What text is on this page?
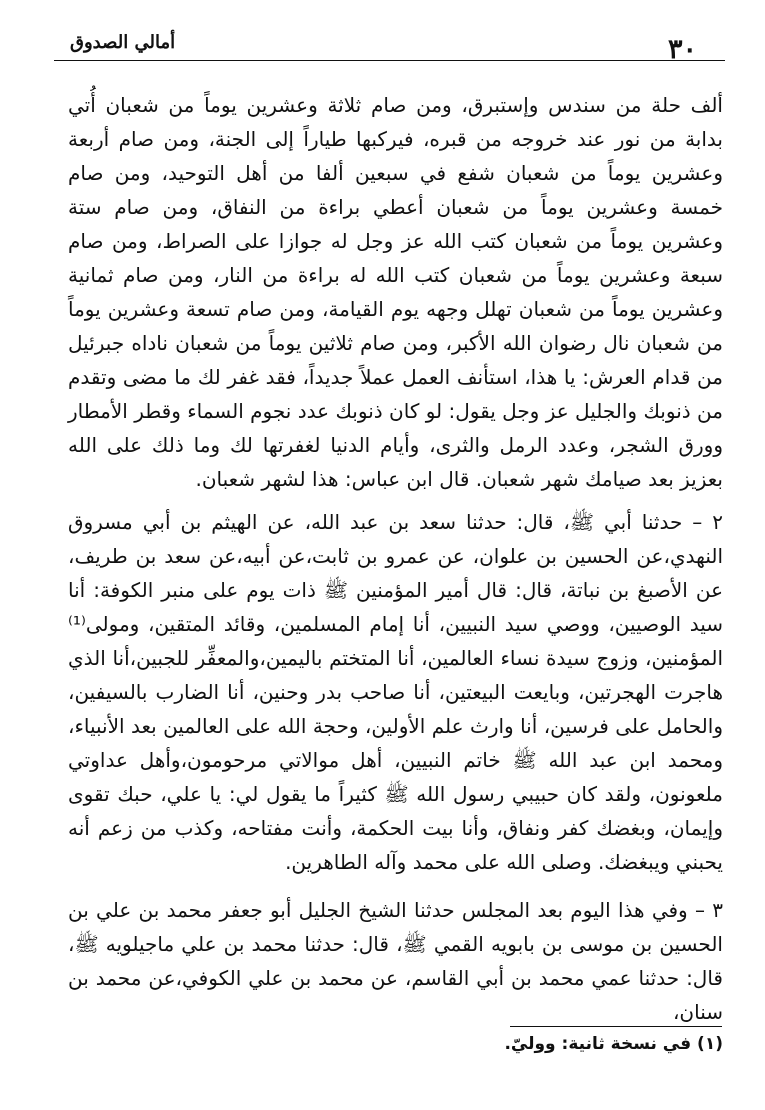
أمالي الصدوق	٣٠

ألف حلة من سندس وإستبرق، ومن صام ثلاثة وعشرين يوماً من شعبان أُتي بدابة من نور عند خروجه من قبره، فيركبها طياراً إلى الجنة، ومن صام أربعة وعشرين يوماً من شعبان شفع في سبعين ألفا من أهل التوحيد، ومن صام خمسة وعشرين يوماً من شعبان أعطي براءة من النفاق، ومن صام ستة وعشرين يوماً من شعبان كتب الله عز وجل له جوازا على الصراط، ومن صام سبعة وعشرين يوماً من شعبان كتب الله له براءة من النار، ومن صام ثمانية وعشرين يوماً من شعبان تهلل وجهه يوم القيامة، ومن صام تسعة وعشرين يوماً من شعبان نال رضوان الله الأكبر، ومن صام ثلاثين يوماً من شعبان ناداه جبرئيل من قدام العرش: يا هذا، استأنف العمل عملاً جديداً، فقد غفر لك ما مضى وتقدم من ذنوبك والجليل عز وجل يقول: لو كان ذنوبك عدد نجوم السماء وقطر الأمطار وورق الشجر، وعدد الرمل والثرى، وأيام الدنيا لغفرتها لك وما ذلك على الله بعزيز بعد صيامك شهر شعبان. قال ابن عباس: هذا لشهر شعبان.

٢ – حدثنا أبي ﷺ، قال: حدثنا سعد بن عبد الله، عن الهيثم بن أبي مسروق النهدي،عن الحسين بن علوان، عن عمرو بن ثابت،عن أبيه،عن سعد بن طريف، عن الأصبغ بن نباتة، قال: قال أمير المؤمنين ﷺ ذات يوم على منبر الكوفة: أنا سيد الوصيين، ووصي سيد النبيين، أنا إمام المسلمين، وقائد المتقين، ومولى⁽¹⁾ المؤمنين، وزوج سيدة نساء العالمين، أنا المتختم باليمين،والمعفِّر للجبين،أنا الذي هاجرت الهجرتين، وبايعت البيعتين، أنا صاحب بدر وحنين، أنا الضارب بالسيفين، والحامل على فرسين، أنا وارث علم الأولين، وحجة الله على العالمين بعد الأنبياء، ومحمد ابن عبد الله ﷺ خاتم النبيين، أهل موالاتي مرحومون،وأهل عداوتي ملعونون، ولقد كان حبيبي رسول الله ﷺ كثيراً ما يقول لي: يا علي، حبك تقوى وإيمان، وبغضك كفر ونفاق، وأنا بيت الحكمة، وأنت مفتاحه، وكذب من زعم أنه يحبني ويبغضك. وصلى الله على محمد وآله الطاهرين.

٣ – وفي هذا اليوم بعد المجلس حدثنا الشيخ الجليل أبو جعفر محمد بن علي بن الحسين بن موسى بن بابويه القمي ﷺ، قال: حدثنا محمد بن علي ماجيلويه ﷺ، قال: حدثنا عمي محمد بن أبي القاسم، عن محمد بن علي الكوفي،عن محمد بن سنان،

(١) في نسخة ثانية: ووليّ.
